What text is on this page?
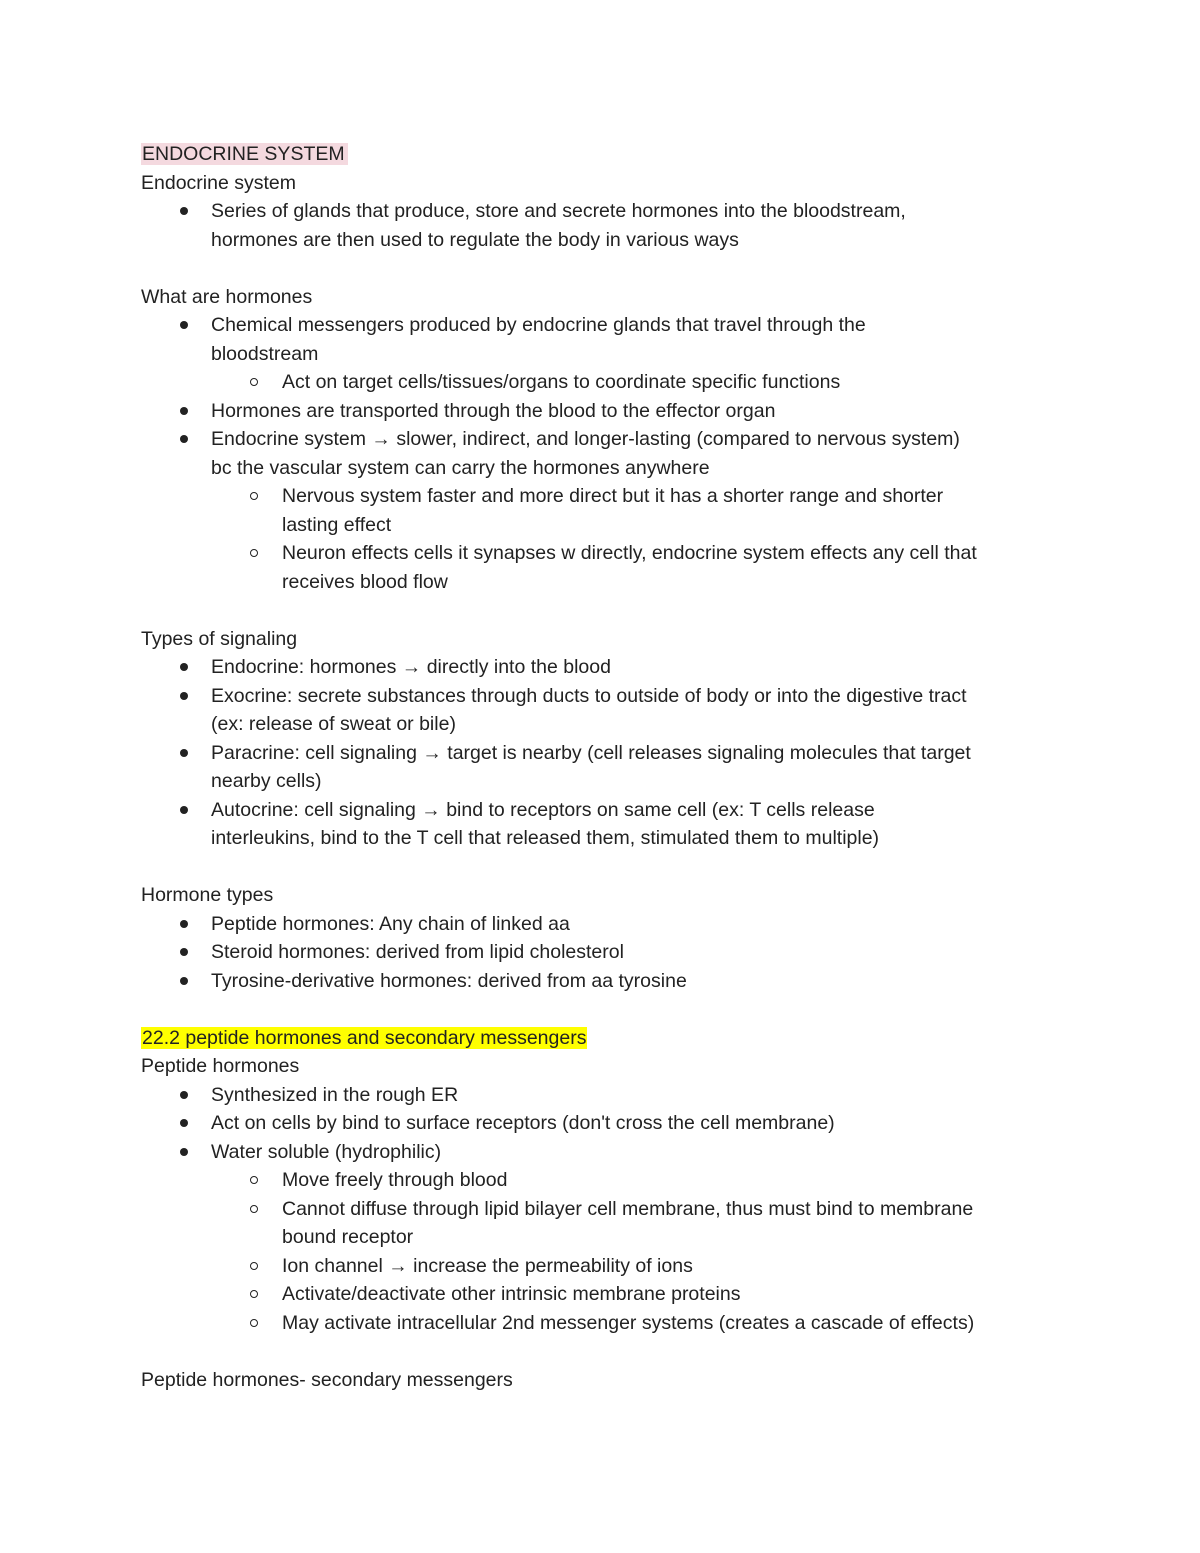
ENDOCRINE SYSTEM
Endocrine system
Series of glands that produce, store and secrete hormones into the bloodstream,
hormones are then used to regulate the body in various ways
What are hormones
Chemical messengers produced by endocrine glands that travel through the
bloodstream
Act on target cells/tissues/organs to coordinate specific functions
Hormones are transported through the blood to the effector organ
Endocrine system → slower, indirect, and longer-lasting (compared to nervous system)
bc the vascular system can carry the hormones anywhere
Nervous system faster and more direct but it has a shorter range and shorter
lasting effect
Neuron effects cells it synapses w directly, endocrine system effects any cell that
receives blood flow
Types of signaling
Endocrine: hormones → directly into the blood
Exocrine: secrete substances through ducts to outside of body or into the digestive tract
(ex: release of sweat or bile)
Paracrine: cell signaling → target is nearby (cell releases signaling molecules that target
nearby cells)
Autocrine: cell signaling → bind to receptors on same cell (ex: T cells release
interleukins, bind to the T cell that released them, stimulated them to multiple)
Hormone types
Peptide hormones: Any chain of linked aa
Steroid hormones: derived from lipid cholesterol
Tyrosine-derivative hormones: derived from aa tyrosine
22.2 peptide hormones and secondary messengers
Peptide hormones
Synthesized in the rough ER
Act on cells by bind to surface receptors (don't cross the cell membrane)
Water soluble (hydrophilic)
Move freely through blood
Cannot diffuse through lipid bilayer cell membrane, thus must bind to membrane
bound receptor
Ion channel → increase the permeability of ions
Activate/deactivate other intrinsic membrane proteins
May activate intracellular 2nd messenger systems (creates a cascade of effects)
Peptide hormones- secondary messengers
